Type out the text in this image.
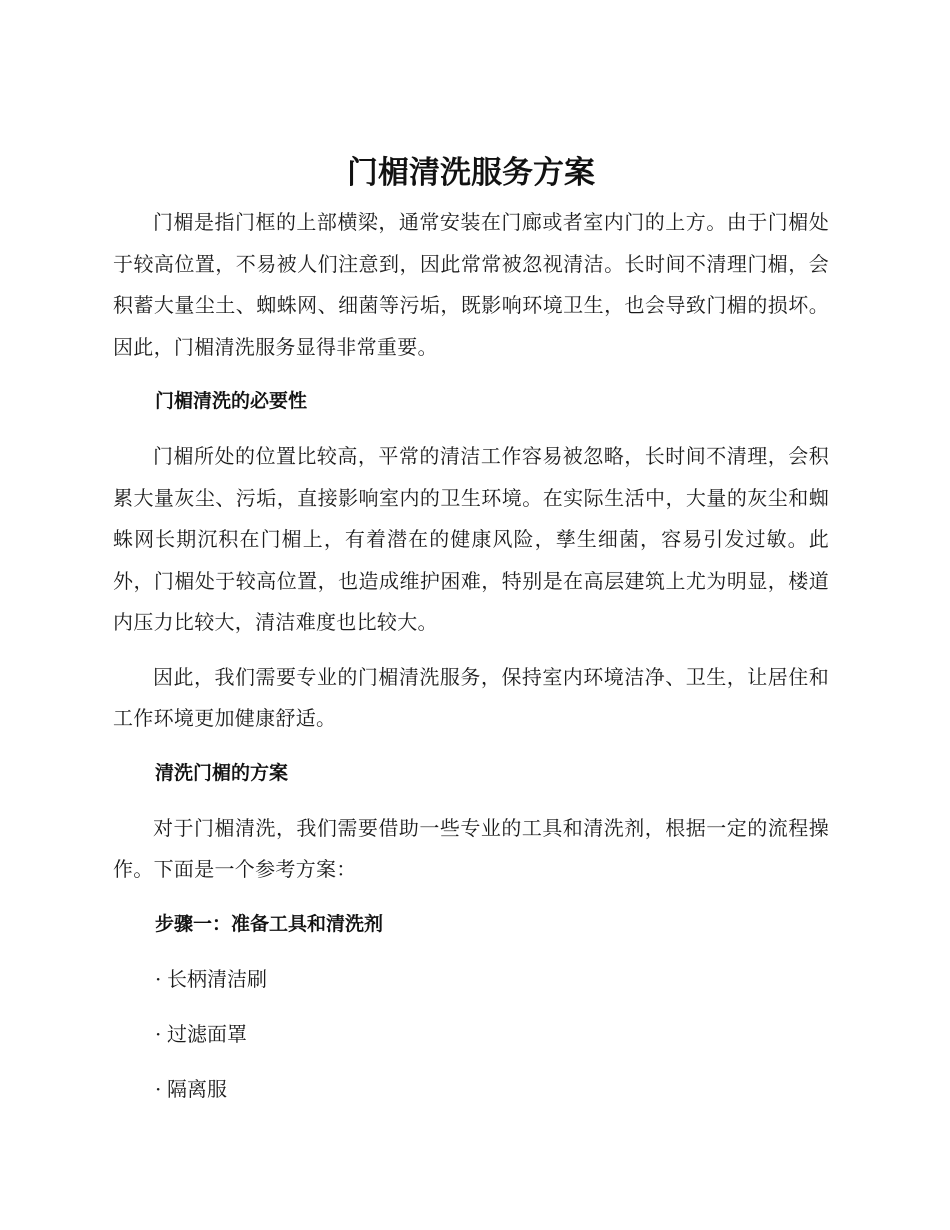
门楣清洗服务方案

门楣是指门框的上部横梁，通常安装在门廊或者室内门的上方。由于门楣处于较高位置，不易被人们注意到，因此常常被忽视清洁。长时间不清理门楣，会积蓄大量尘土、蜘蛛网、细菌等污垢，既影响环境卫生，也会导致门楣的损坏。因此，门楣清洗服务显得非常重要。

门楣清洗的必要性

门楣所处的位置比较高，平常的清洁工作容易被忽略，长时间不清理，会积累大量灰尘、污垢，直接影响室内的卫生环境。在实际生活中，大量的灰尘和蜘蛛网长期沉积在门楣上，有着潜在的健康风险，孳生细菌，容易引发过敏。此外，门楣处于较高位置，也造成维护困难，特别是在高层建筑上尤为明显，楼道内压力比较大，清洁难度也比较大。

因此，我们需要专业的门楣清洗服务，保持室内环境洁净、卫生，让居住和工作环境更加健康舒适。

清洗门楣的方案

对于门楣清洗，我们需要借助一些专业的工具和清洗剂，根据一定的流程操作。下面是一个参考方案：

步骤一：准备工具和清洗剂
· 长柄清洁刷
· 过滤面罩
· 隔离服
